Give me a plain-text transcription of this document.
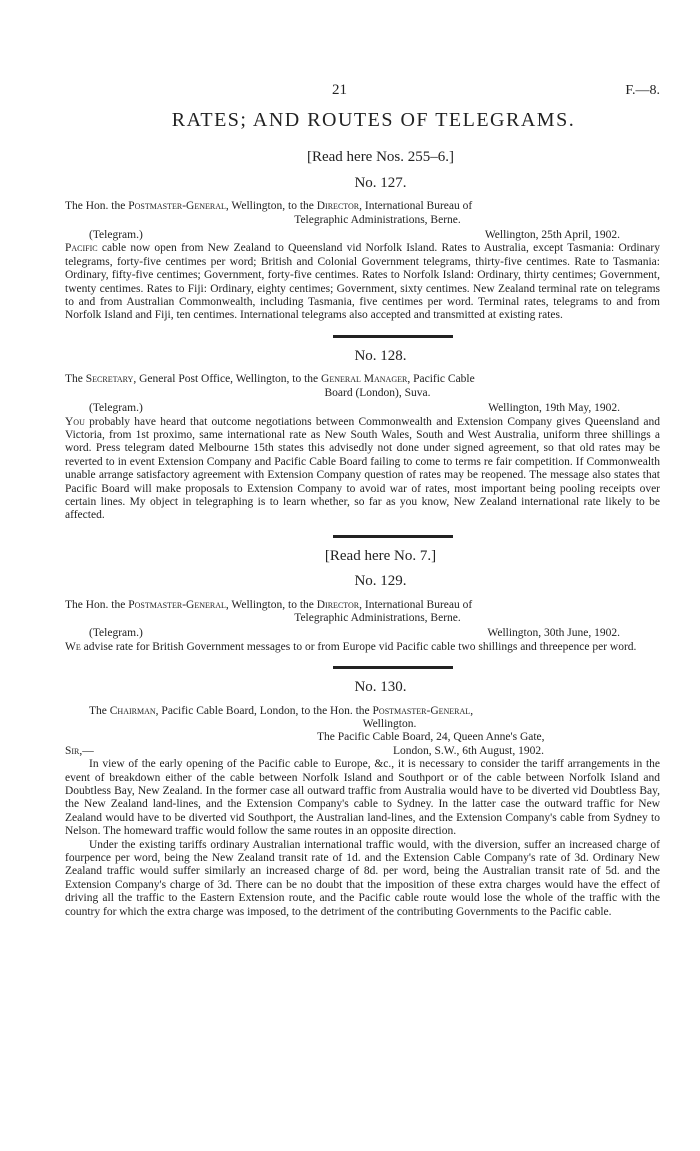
21	F.—8.
RATES; AND ROUTES OF TELEGRAMS.
[Read here Nos. 255–6.]
No. 127.

The Hon. the Postmaster-General, Wellington, to the Director, International Bureau of
Telegraphic Administrations, Berne.

(Telegram.)	Wellington, 25th April, 1902.

Pacific cable now open from New Zealand to Queensland vid Norfolk Island. Rates to Australia, except Tasmania: Ordinary telegrams, forty-five centimes per word; British and Colonial Government telegrams, thirty-five centimes. Rate to Tasmania: Ordinary, fifty-five centimes; Government, forty-five centimes. Rates to Norfolk Island: Ordinary, thirty centimes; Government, twenty centimes. Rates to Fiji: Ordinary, eighty centimes; Government, sixty centimes. New Zealand terminal rate on telegrams to and from Australian Commonwealth, including Tasmania, five centimes per word. Terminal rates, telegrams to and from Norfolk Island and Fiji, ten centimes. International telegrams also accepted and transmitted at existing rates.

No. 128.

The Secretary, General Post Office, Wellington, to the General Manager, Pacific Cable
Board (London), Suva.

(Telegram.)	Wellington, 19th May, 1902.

You probably have heard that outcome negotiations between Commonwealth and Extension Company gives Queensland and Victoria, from 1st proximo, same international rate as New South Wales, South and West Australia, uniform three shillings a word. Press telegram dated Melbourne 15th states this advisedly not done under signed agreement, so that old rates may be reverted to in event Extension Company and Pacific Cable Board failing to come to terms re fair competition. If Commonwealth unable arrange satisfactory agreement with Extension Company question of rates may be reopened. The message also states that Pacific Board will make proposals to Extension Company to avoid war of rates, most important being pooling receipts over certain lines. My object in telegraphing is to learn whether, so far as you know, New Zealand international rate likely to be affected.

[Read here No. 7.]
No. 129.

The Hon. the Postmaster-General, Wellington, to the Director, International Bureau of
Telegraphic Administrations, Berne.

(Telegram.)	Wellington, 30th June, 1902.

We advise rate for British Government messages to or from Europe vid Pacific cable two shillings and threepence per word.

No. 130.

The Chairman, Pacific Cable Board, London, to the Hon. the Postmaster-General,
Wellington.

The Pacific Cable Board, 24, Queen Anne's Gate,

Sir,—	London, S.W., 6th August, 1902.

In view of the early opening of the Pacific cable to Europe, &c., it is necessary to consider the tariff arrangements in the event of breakdown either of the cable between Norfolk Island and Southport or of the cable between Norfolk Island and Doubtless Bay, New Zealand. In the former case all outward traffic from Australia would have to be diverted vid Doubtless Bay, the New Zealand land-lines, and the Extension Company's cable to Sydney. In the latter case the outward traffic for New Zealand would have to be diverted vid Southport, the Australian land-lines, and the Extension Company's cable from Sydney to Nelson. The homeward traffic would follow the same routes in an opposite direction.

Under the existing tariffs ordinary Australian international traffic would, with the diversion, suffer an increased charge of fourpence per word, being the New Zealand transit rate of 1d. and the Extension Cable Company's rate of 3d. Ordinary New Zealand traffic would suffer similarly an increased charge of 8d. per word, being the Australian transit rate of 5d. and the Extension Company's charge of 3d. There can be no doubt that the imposition of these extra charges would have the effect of driving all the traffic to the Eastern Extension route, and the Pacific cable route would lose the whole of the traffic with the country for which the extra charge was imposed, to the detriment of the contributing Governments to the Pacific cable.
